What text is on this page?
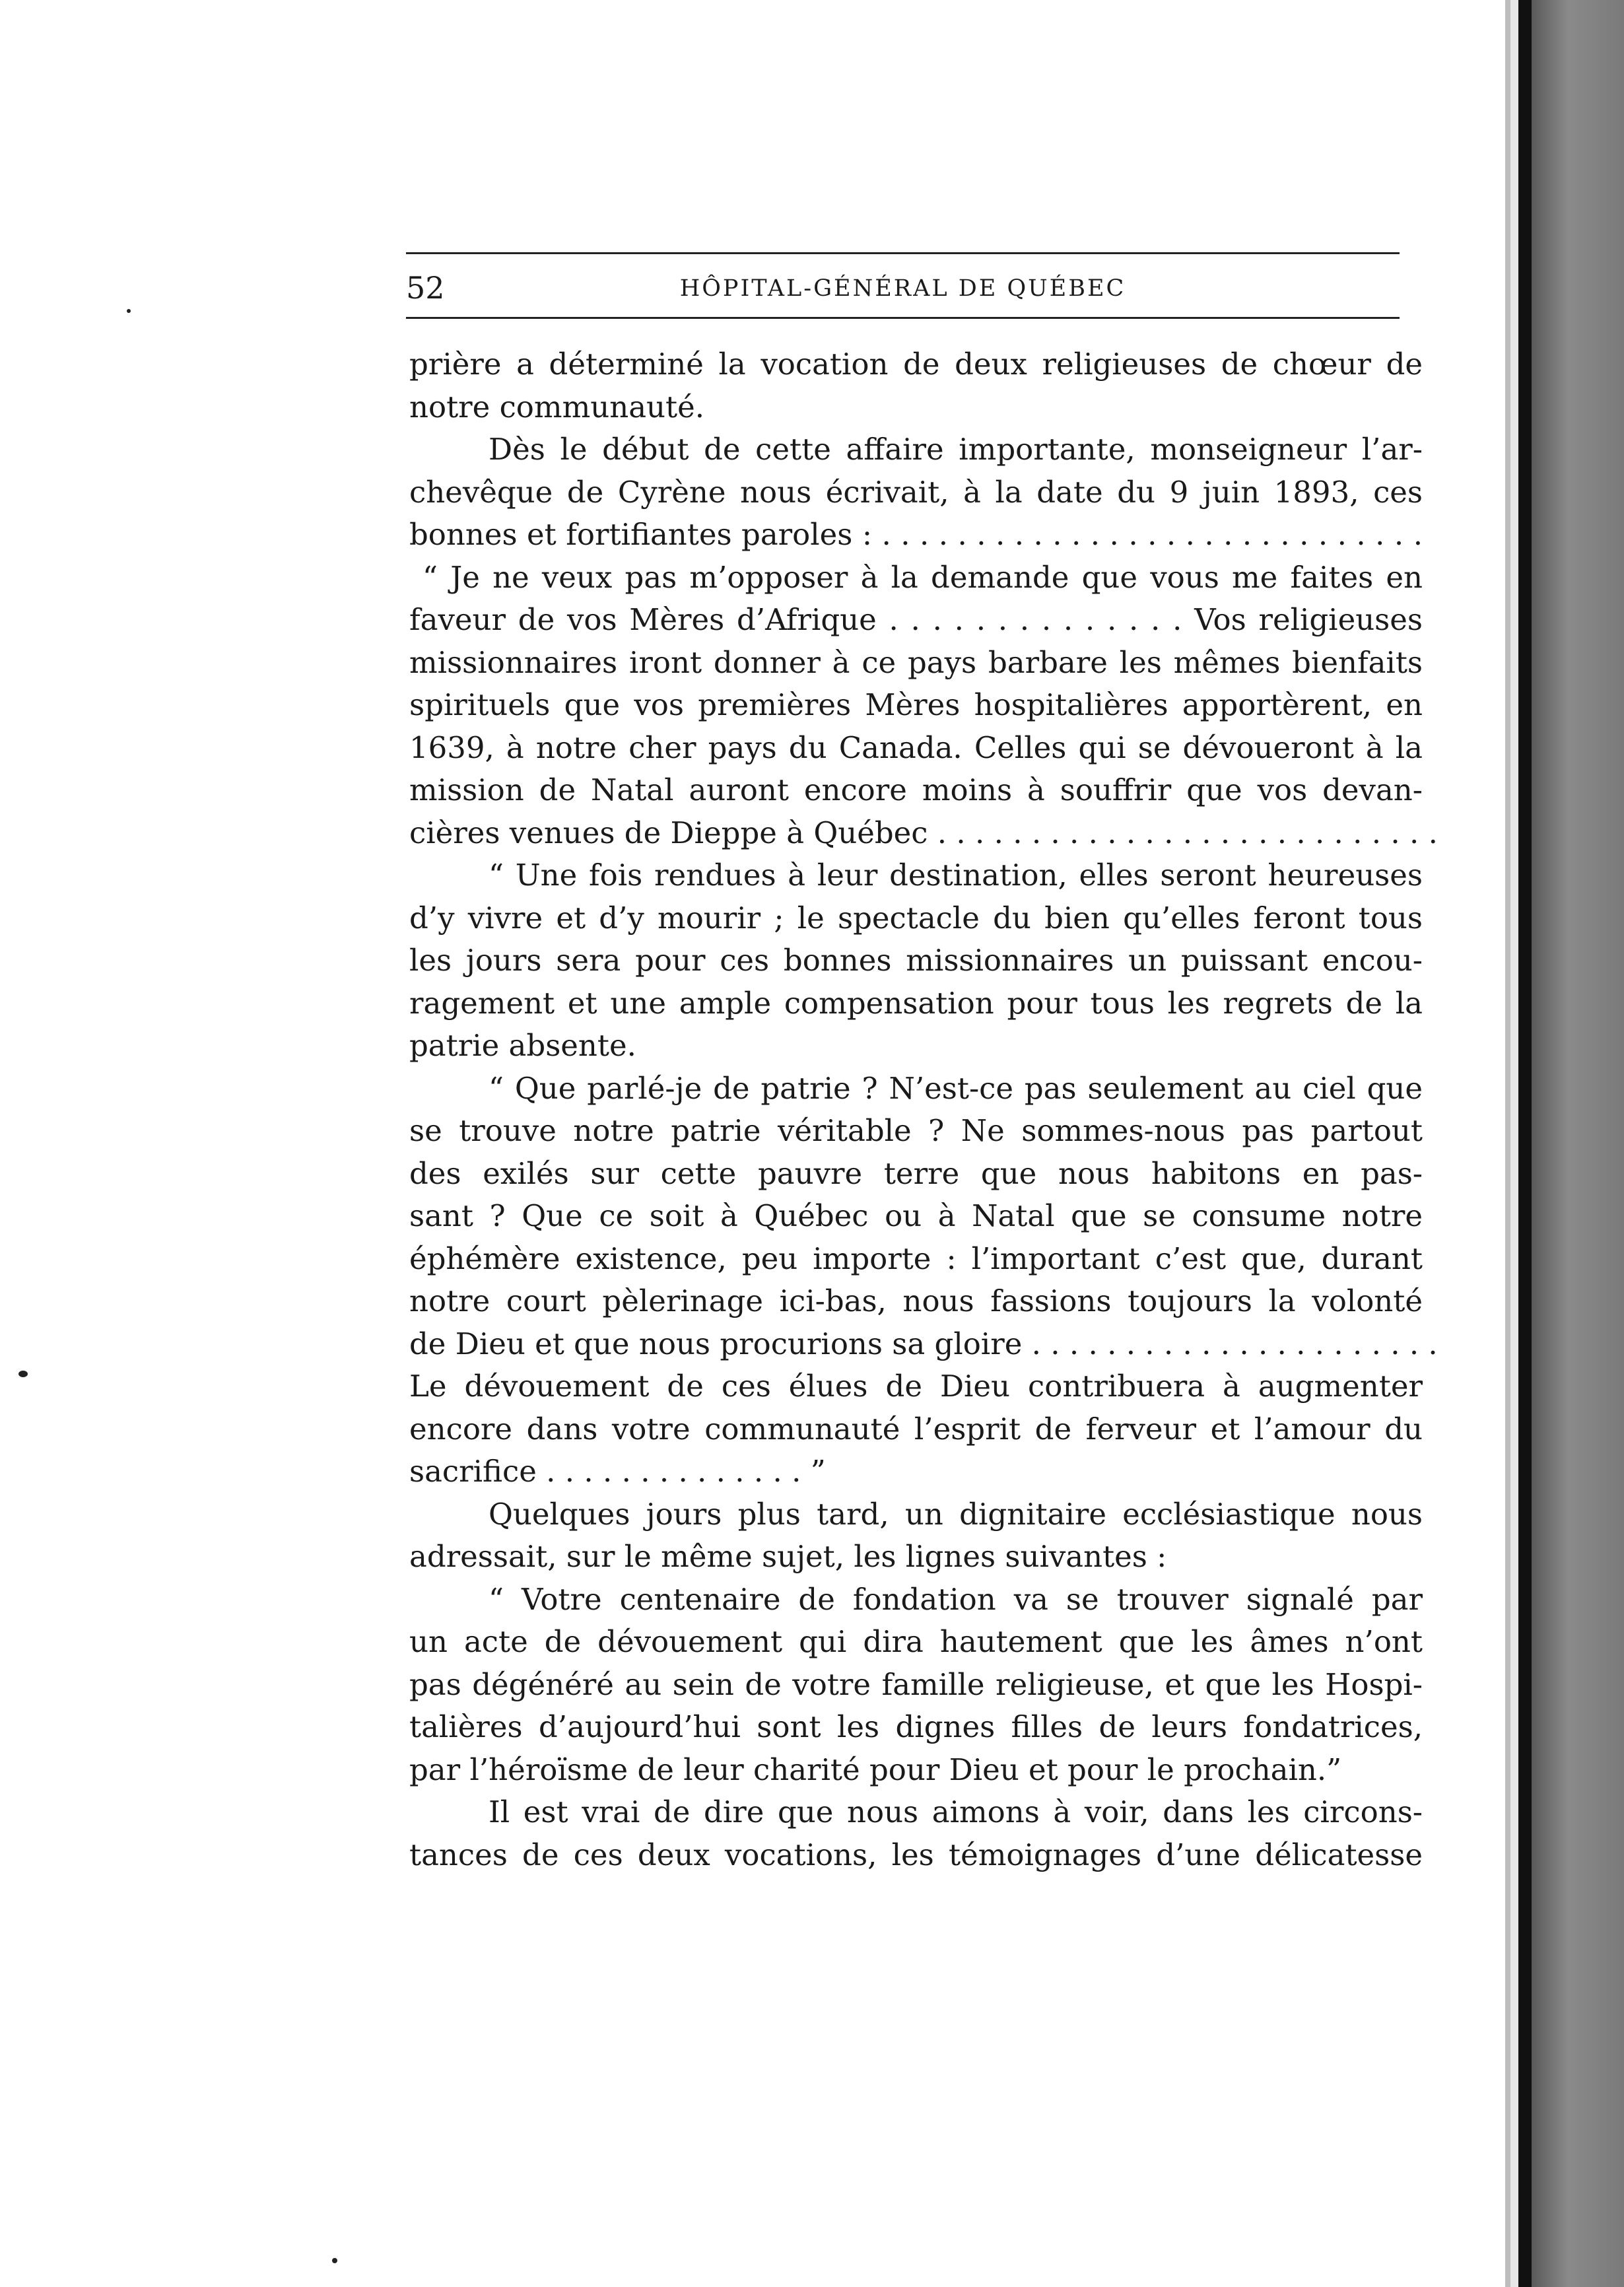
52	HÔPITAL-GÉNÉRAL DE QUÉBEC
prière a déterminé la vocation de deux religieuses de chœur de
notre communauté.
Dès le début de cette affaire importante, monseigneur l’ar-
chevêque de Cyrène nous écrivait, à la date du 9 juin 1893, ces
bonnes et fortifiantes paroles : . . . . . . . . . . . . . . . . . . . . . . . . . . . . .
“ Je ne veux pas m’opposer à la demande que vous me faites en
faveur de vos Mères d’Afrique . . . . . . . . . . . . . . Vos religieuses
missionnaires iront donner à ce pays barbare les mêmes bienfaits
spirituels que vos premières Mères hospitalières apportèrent, en
1639, à notre cher pays du Canada. Celles qui se dévoueront à la
mission de Natal auront encore moins à souffrir que vos devan-
cières venues de Dieppe à Québec . . . . . . . . . . . . . . . . . . . . . . . . . . .
“ Une fois rendues à leur destination, elles seront heureuses
d’y vivre et d’y mourir ; le spectacle du bien qu’elles feront tous
les jours sera pour ces bonnes missionnaires un puissant encou-
ragement et une ample compensation pour tous les regrets de la
patrie absente.
“ Que parlé-je de patrie ? N’est-ce pas seulement au ciel que
se trouve notre patrie véritable ? Ne sommes-nous pas partout
des exilés sur cette pauvre terre que nous habitons en pas-
sant ? Que ce soit à Québec ou à Natal que se consume notre
éphémère existence, peu importe : l’important c’est que, durant
notre court pèlerinage ici-bas, nous fassions toujours la volonté
de Dieu et que nous procurions sa gloire . . . . . . . . . . . . . . . . . . . . . .
Le dévouement de ces élues de Dieu contribuera à augmenter
encore dans votre communauté l’esprit de ferveur et l’amour du
sacrifice . . . . . . . . . . . . . . ”
Quelques jours plus tard, un dignitaire ecclésiastique nous
adressait, sur le même sujet, les lignes suivantes :
“ Votre centenaire de fondation va se trouver signalé par
un acte de dévouement qui dira hautement que les âmes n’ont
pas dégénéré au sein de votre famille religieuse, et que les Hospi-
talières d’aujourd’hui sont les dignes filles de leurs fondatrices,
par l’héroïsme de leur charité pour Dieu et pour le prochain.”
Il est vrai de dire que nous aimons à voir, dans les circons-
tances de ces deux vocations, les témoignages d’une délicatesse
